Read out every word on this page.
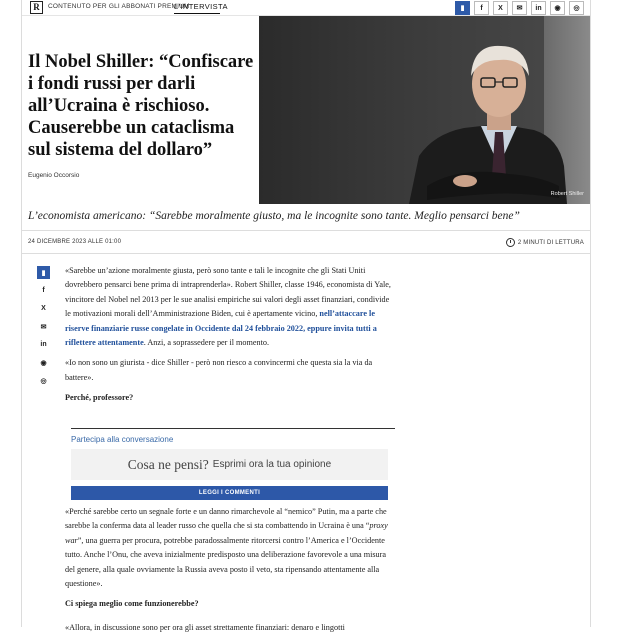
R	CONTENUTO PER GLI ABBONATI PREMIUM
L'INTERVISTA	▮	f	X	✉	in	◉	◎
Il Nobel Shiller: “Confiscare i fondi russi per darli all’Ucraina è rischioso. Causerebbe un cataclisma sul sistema del dollaro”
Eugenio Occorsio
Robert Shiller

L’economista americano: “Sarebbe moralmente giusto, ma le incognite sono tante. Meglio pensarci bene”

24 DICEMBRE 2023 ALLE 01:00	2 MINUTI DI LETTURA
▮
f
X
✉
in
◉
◎

«Sarebbe un’azione moralmente giusta, però sono tante e tali le incognite che gli Stati Uniti dovrebbero pensarci bene prima di intraprenderla». Robert Shiller, classe 1946, economista di Yale, vincitore del Nobel nel 2013 per le sue analisi empiriche sui valori degli asset finanziari, condivide le motivazioni morali dell’Amministrazione Biden, cui è apertamente vicino, nell’attaccare le riserve finanziarie russe congelate in Occidente dal 24 febbraio 2022, eppure invita tutti a riflettere attentamente. Anzi, a soprassedere per il momento.

«Io non sono un giurista - dice Shiller - però non riesco a convincermi che questa sia la via da battere».

Perché, professore?

Partecipa alla conversazione

Cosa ne pensi? Esprimi ora la tua opinione
LEGGI I COMMENTI

«Perché sarebbe certo un segnale forte e un danno rimarchevole al “nemico” Putin, ma a parte che sarebbe la conferma data al leader russo che quella che si sta combattendo in Ucraina è una “proxy war”, una guerra per procura, potrebbe paradossalmente ritorcersi contro l’America e l’Occidente tutto. Anche l’Onu, che aveva inizialmente predisposto una deliberazione favorevole a una misura del genere, alla quale ovviamente la Russia aveva posto il veto, sta ripensando attentamente alla questione».

Ci spiega meglio come funzionerebbe?

«Allora, in discussione sono per ora gli asset strettamente finanziari: denaro e lingotti
